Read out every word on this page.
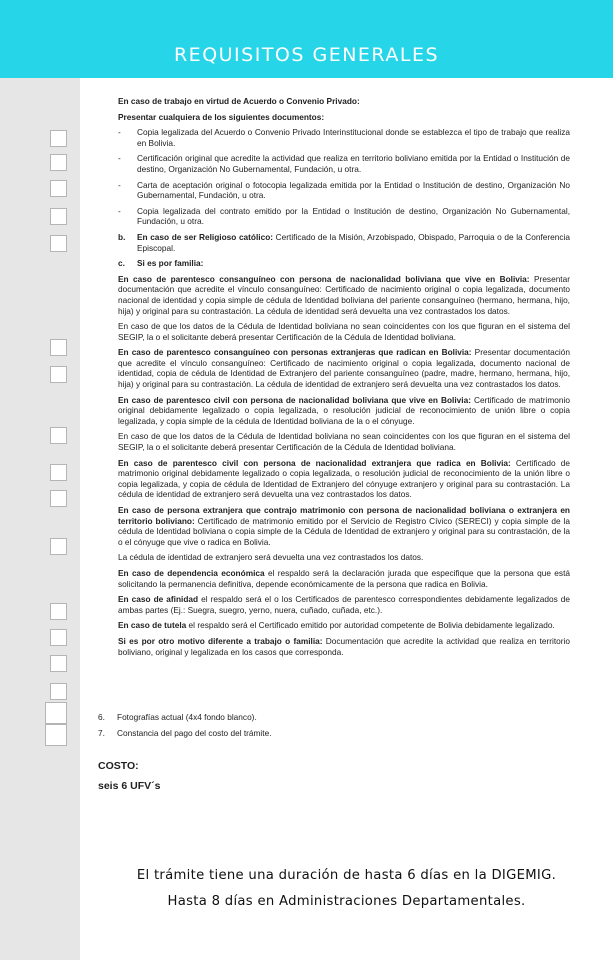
REQUISITOS GENERALES
En caso de trabajo en virtud de Acuerdo o Convenio Privado:
Presentar cualquiera de los siguientes documentos:
- Copia legalizada del Acuerdo o Convenio Privado Interinstitucional donde se establezca el tipo de trabajo que realiza en Bolivia.
- Certificación original que acredite la actividad que realiza en territorio boliviano emitida por la Entidad o Institución de destino, Organización No Gubernamental, Fundación, u otra.
- Carta de aceptación original o fotocopia legalizada emitida por la Entidad o Institución de destino, Organización No Gubernamental, Fundación, u otra.
- Copia legalizada del contrato emitido por la Entidad o Institución de destino, Organización No Gubernamental, Fundación, u otra.
b. En caso de ser Religioso católico: Certificado de la Misión, Arzobispado, Obispado, Parroquia o de la Conferencia Episcopal.
c. Si es por familia:
En caso de parentesco consanguíneo con persona de nacionalidad boliviana que vive en Bolivia: Presentar documentación que acredite el vínculo consanguíneo: Certificado de nacimiento original o copia legalizada, documento nacional de identidad y copia simple de cédula de Identidad boliviana del pariente consanguíneo (hermano, hermana, hijo, hija) y original para su contrastación. La cédula de identidad será devuelta una vez contrastados los datos.
En caso de que los datos de la Cédula de Identidad boliviana no sean coincidentes con los que figuran en el sistema del SEGIP, la o el solicitante deberá presentar Certificación de la Cédula de Identidad boliviana.
En caso de parentesco consanguíneo con personas extranjeras que radican en Bolivia: Presentar documentación que acredite el vínculo consanguíneo: Certificado de nacimiento original o copia legalizada, documento nacional de identidad, copia de cédula de Identidad de Extranjero del pariente consanguíneo (padre, madre, hermano, hermana, hijo, hija) y original para su contrastación. La cédula de identidad de extranjero será devuelta una vez contrastados los datos.
En caso de parentesco civil con persona de nacionalidad boliviana que vive en Bolivia: Certificado de matrimonio original debidamente legalizado o copia legalizada, o resolución judicial de reconocimiento de unión libre o copia legalizada, y copia simple de la cédula de Identidad boliviana de la o el cónyuge.
En caso de que los datos de la Cédula de Identidad boliviana no sean coincidentes con los que figuran en el sistema del SEGIP, la o el solicitante deberá presentar Certificación de la Cédula de Identidad boliviana.
En caso de parentesco civil con persona de nacionalidad extranjera que radica en Bolivia: Certificado de matrimonio original debidamente legalizado o copia legalizada, o resolución judicial de reconocimiento de la unión libre o copia legalizada, y copia de cédula de Identidad de Extranjero del cónyuge extranjero y original para su contrastación. La cédula de identidad de extranjero será devuelta una vez contrastados los datos.
En caso de persona extranjera que contrajo matrimonio con persona de nacionalidad boliviana o extranjera en territorio boliviano: Certificado de matrimonio emitido por el Servicio de Registro Cívico (SERECI) y copia simple de la cédula de Identidad boliviana o copia simple de la Cédula de Identidad de extranjero y original para su contrastación, de la o el cónyuge que vive o radica en Bolivia.
La cédula de identidad de extranjero será devuelta una vez contrastados los datos.
En caso de dependencia económica el respaldo será la declaración jurada que especifique que la persona que está solicitando la permanencia definitiva, depende económicamente de la persona que radica en Bolivia.
En caso de afinidad el respaldo será el o los Certificados de parentesco correspondientes debidamente legalizados de ambas partes (Ej.: Suegra, suegro, yerno, nuera, cuñado, cuñada, etc.).
En caso de tutela el respaldo será el Certificado emitido por autoridad competente de Bolivia debidamente legalizado.
Si es por otro motivo diferente a trabajo o familia: Documentación que acredite la actividad que realiza en territorio boliviano, original y legalizada en los casos que corresponda.
6. Fotografías actual (4x4 fondo blanco).
7. Constancia del pago del costo del trámite.
COSTO:
seis 6 UFV´s
El trámite tiene una duración de hasta 6 días en la DIGEMIG.
Hasta 8 días en Administraciones Departamentales.
